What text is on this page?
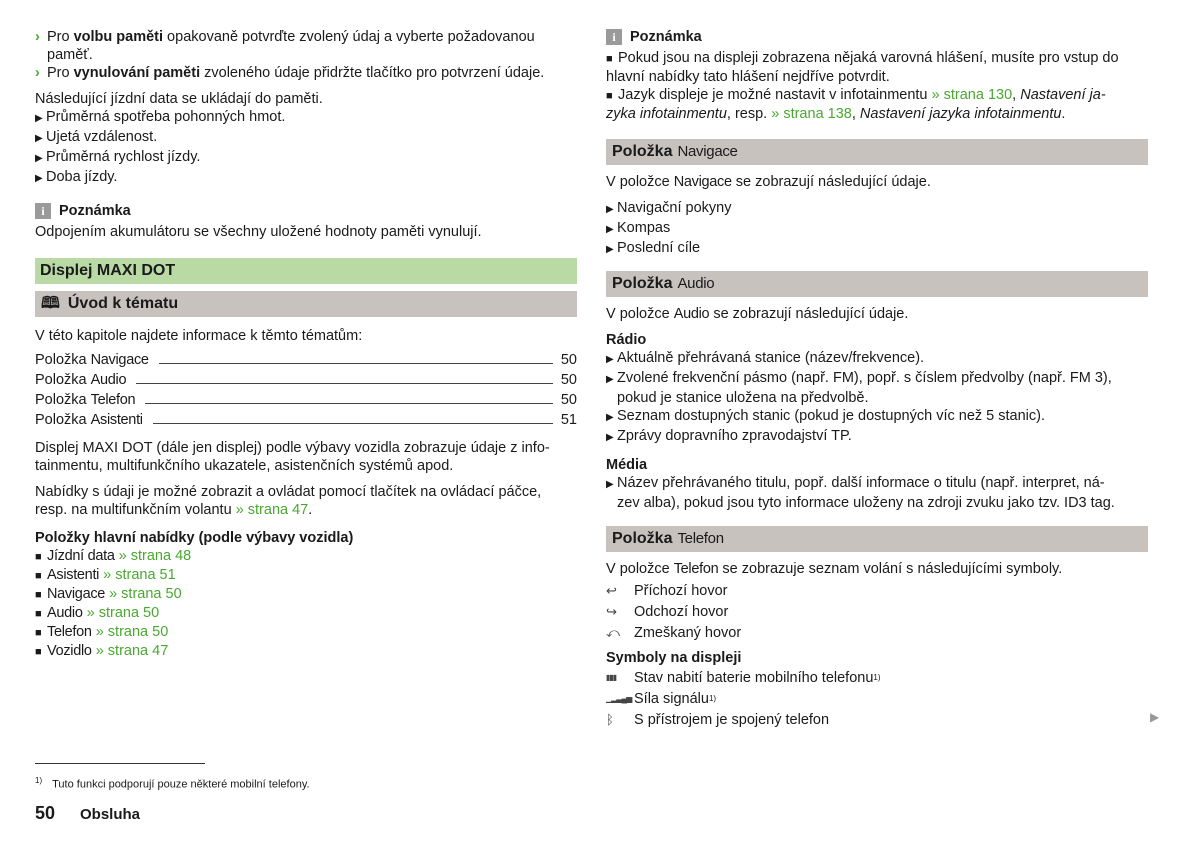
› Pro volbu paměti opakovaně potvrďte zvolený údaj a vyberte požadovanou
paměť.

› Pro vynulování paměti zvoleného údaje přidržte tlačítko pro potvrzení údaje.

Následující jízdní data se ukládají do paměti.

▶ Průměrná spotřeba pohonných hmot.

▶ Ujetá vzdálenost.

▶ Průměrná rychlost jízdy.

▶ Doba jízdy.

i Poznámka

Odpojením akumulátoru se všechny uložené hodnoty paměti vynulují.

Displej MAXI DOT
🕮 Úvod k tématu

V této kapitole najdete informace k těmto tématům:

Položka Navigace	50
Položka Audio	50
Položka Telefon	50
Položka Asistenti	51

Displej MAXI DOT (dále jen displej) podle výbavy vozidla zobrazuje údaje z info-
tainmentu, multifunkčního ukazatele, asistenčních systémů apod.

Nabídky s údaji je možné zobrazit a ovládat pomocí tlačítek na ovládací páčce,
resp. na multifunkčním volantu » strana 47.

Položky hlavní nabídky (podle výbavy vozidla)

■ Jízdní data » strana 48

■ Asistenti » strana 51

■ Navigace » strana 50

■ Audio » strana 50

■ Telefon » strana 50

■ Vozidlo » strana 47

i Poznámka

■ Pokud jsou na displeji zobrazena nějaká varovná hlášení, musíte pro vstup do
hlavní nabídky tato hlášení nejdříve potvrdit.

■ Jazyk displeje je možné nastavit v infotainmentu » strana 130, Nastavení ja-
zyka infotainmentu, resp. » strana 138, Nastavení jazyka infotainmentu.

Položka Navigace

V položce Navigace se zobrazují následující údaje.

▶ Navigační pokyny

▶ Kompas

▶ Poslední cíle

Položka Audio

V položce Audio se zobrazují následující údaje.

Rádio

▶ Aktuálně přehrávaná stanice (název/frekvence).

▶ Zvolené frekvenční pásmo (např. FM), popř. s číslem předvolby (např. FM 3),
pokud je stanice uložena na předvolbě.

▶ Seznam dostupných stanic (pokud je dostupných víc než 5 stanic).

▶ Zprávy dopravního zpravodajství TP.

Média

▶ Název přehrávaného titulu, popř. další informace o titulu (např. interpret, ná-
zev alba), pokud jsou tyto informace uloženy na zdroji zvuku jako tzv. ID3 tag.

Položka Telefon

V položce Telefon se zobrazuje seznam volání s následujícími symboly.

↩	Příchozí hovor
↪	Odchozí hovor
⤺ Zmeškaný hovor

Symboly na displeji

▮▮▮	Stav nabití baterie mobilního telefonu 1)
▁▂▃▄▅ Síla signálu 1)
ᛒ	S přístrojem je spojený telefon	▶
$^{1)}$ Tuto funkci podporují pouze některé mobilní telefony.
50 Obsluha
